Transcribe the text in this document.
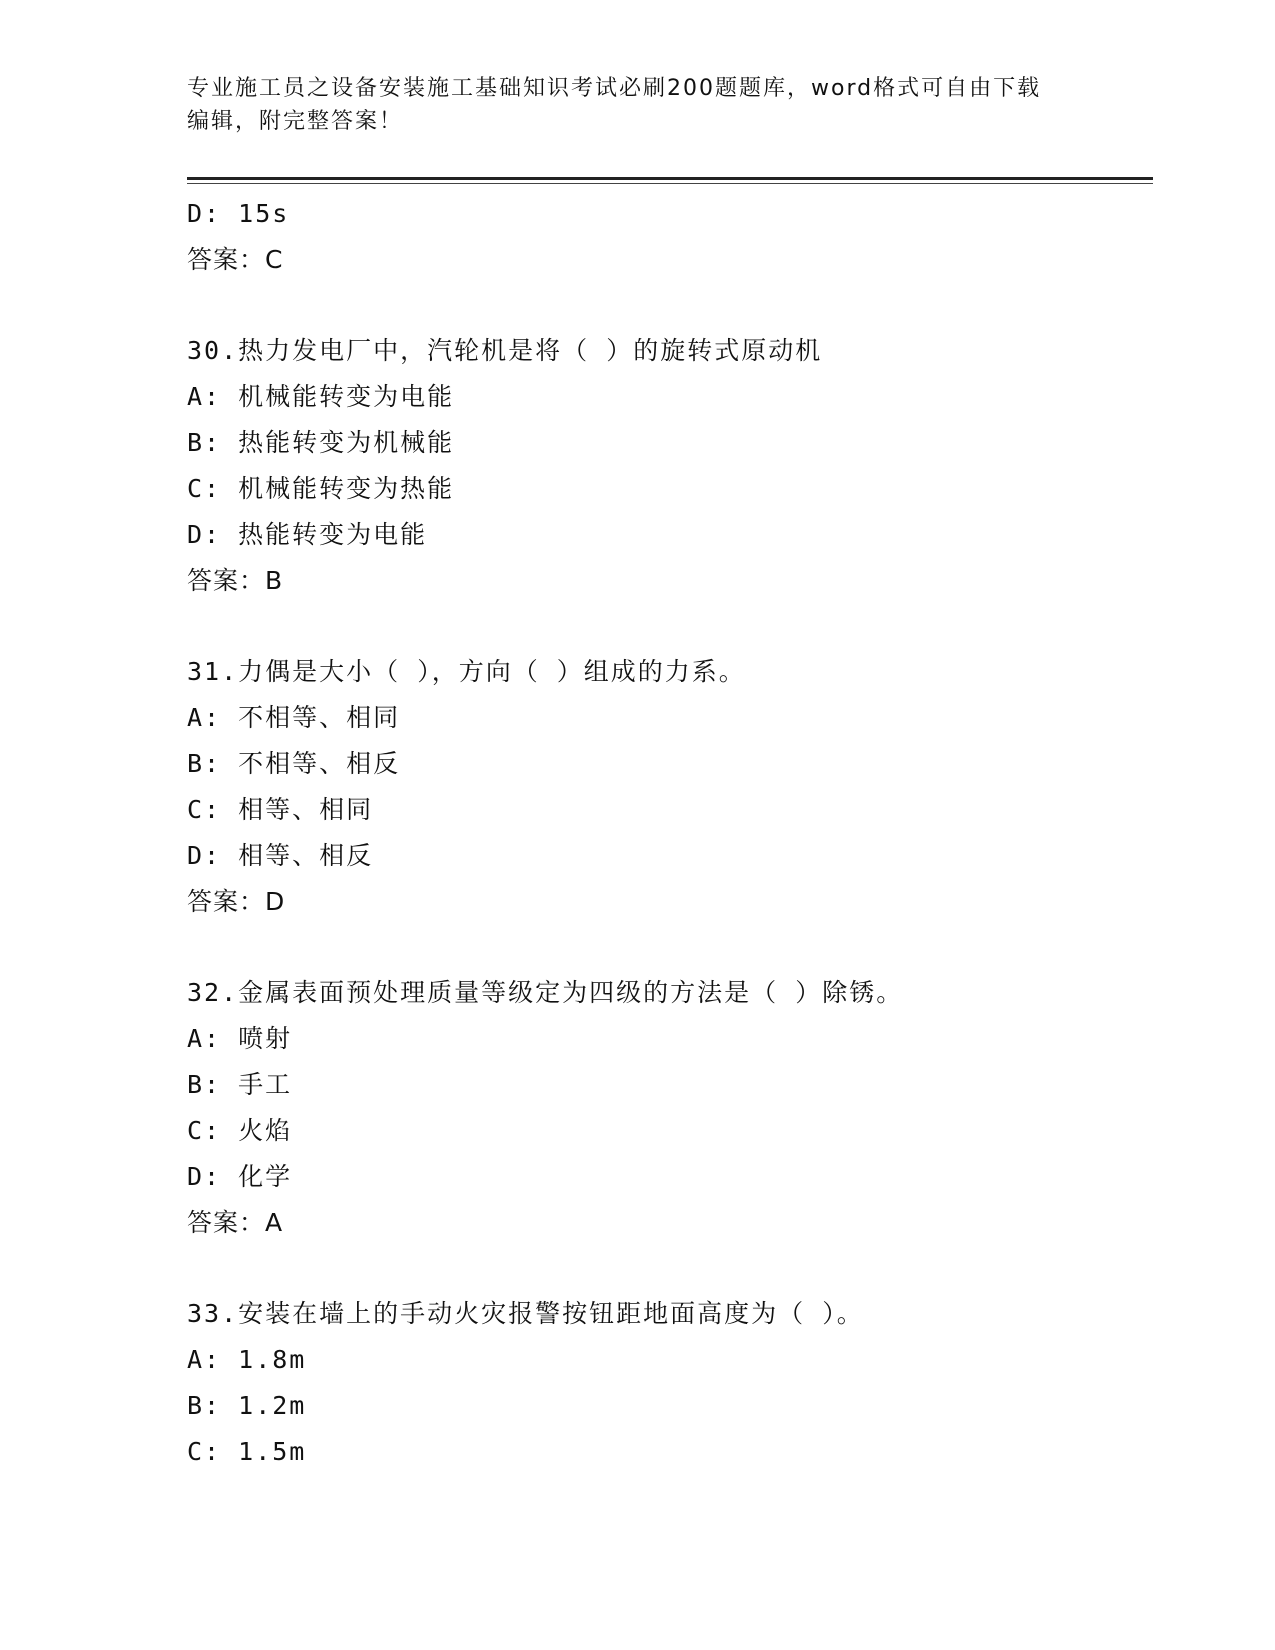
专业施工员之设备安装施工基础知识考试必刷200题题库，word格式可自由下载
编辑，附完整答案！
D: 15s
答案：C
30.热力发电厂中，汽轮机是将（ ）的旋转式原动机
A: 机械能转变为电能
B: 热能转变为机械能
C: 机械能转变为热能
D: 热能转变为电能
答案：B
31.力偶是大小（ ），方向（ ）组成的力系。
A: 不相等、相同
B: 不相等、相反
C: 相等、相同
D: 相等、相反
答案：D
32.金属表面预处理质量等级定为四级的方法是（ ）除锈。
A: 喷射
B: 手工
C: 火焰
D: 化学
答案：A
33.安装在墙上的手动火灾报警按钮距地面高度为（ ）。
A: 1.8m
B: 1.2m
C: 1.5m
